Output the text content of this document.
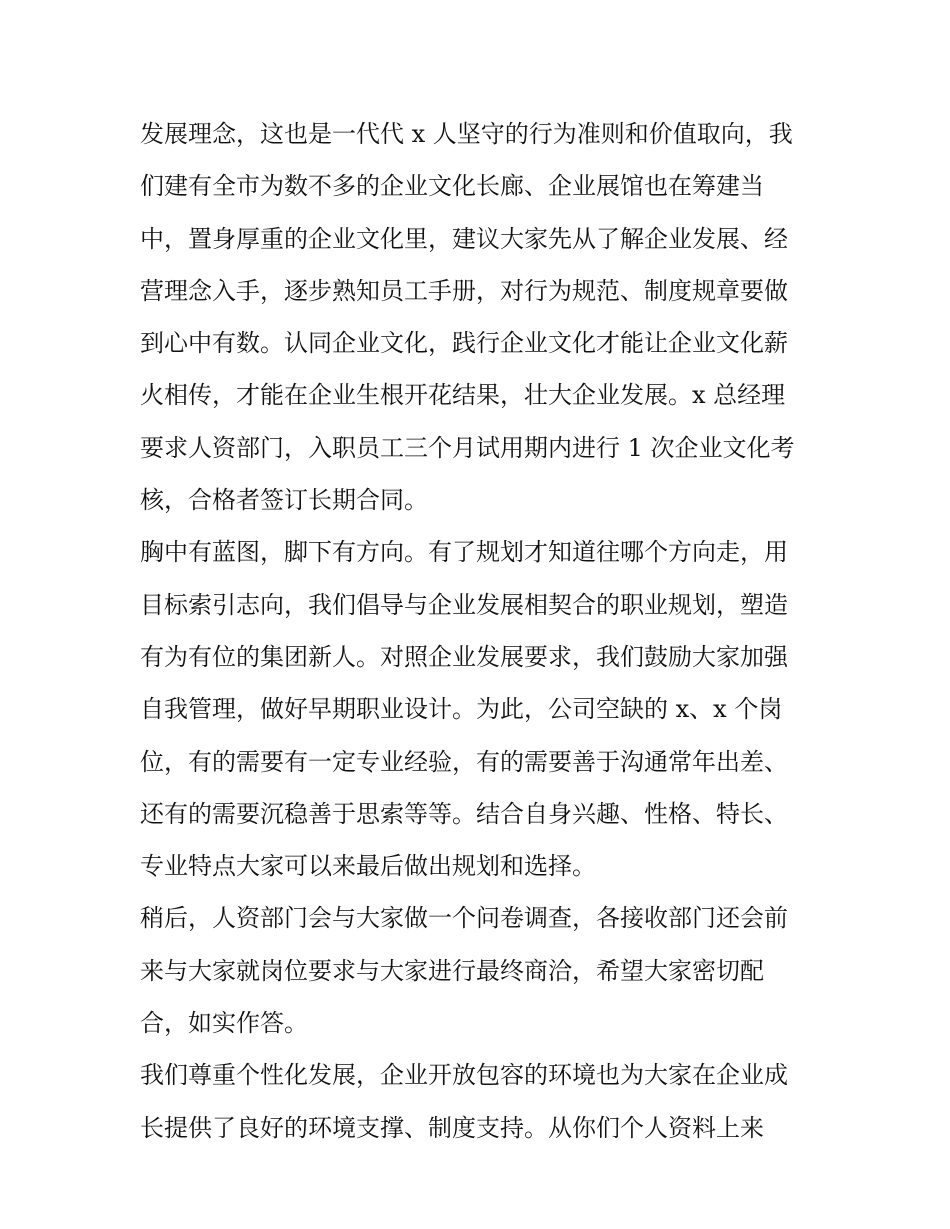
发展理念，这也是一代代 x 人坚守的行为准则和价值取向，我
们建有全市为数不多的企业文化长廊、企业展馆也在筹建当
中，置身厚重的企业文化里，建议大家先从了解企业发展、经
营理念入手，逐步熟知员工手册，对行为规范、制度规章要做
到心中有数。认同企业文化，践行企业文化才能让企业文化薪
火相传，才能在企业生根开花结果，壮大企业发展。x 总经理
要求人资部门，入职员工三个月试用期内进行 1 次企业文化考
核，合格者签订长期合同。
胸中有蓝图，脚下有方向。有了规划才知道往哪个方向走，用
目标索引志向，我们倡导与企业发展相契合的职业规划，塑造
有为有位的集团新人。对照企业发展要求，我们鼓励大家加强
自我管理，做好早期职业设计。为此，公司空缺的 x、x 个岗
位，有的需要有一定专业经验，有的需要善于沟通常年出差、
还有的需要沉稳善于思索等等。结合自身兴趣、性格、特长、
专业特点大家可以来最后做出规划和选择。
稍后，人资部门会与大家做一个问卷调查，各接收部门还会前
来与大家就岗位要求与大家进行最终商洽，希望大家密切配
合，如实作答。
我们尊重个性化发展，企业开放包容的环境也为大家在企业成
长提供了良好的环境支撑、制度支持。从你们个人资料上来
